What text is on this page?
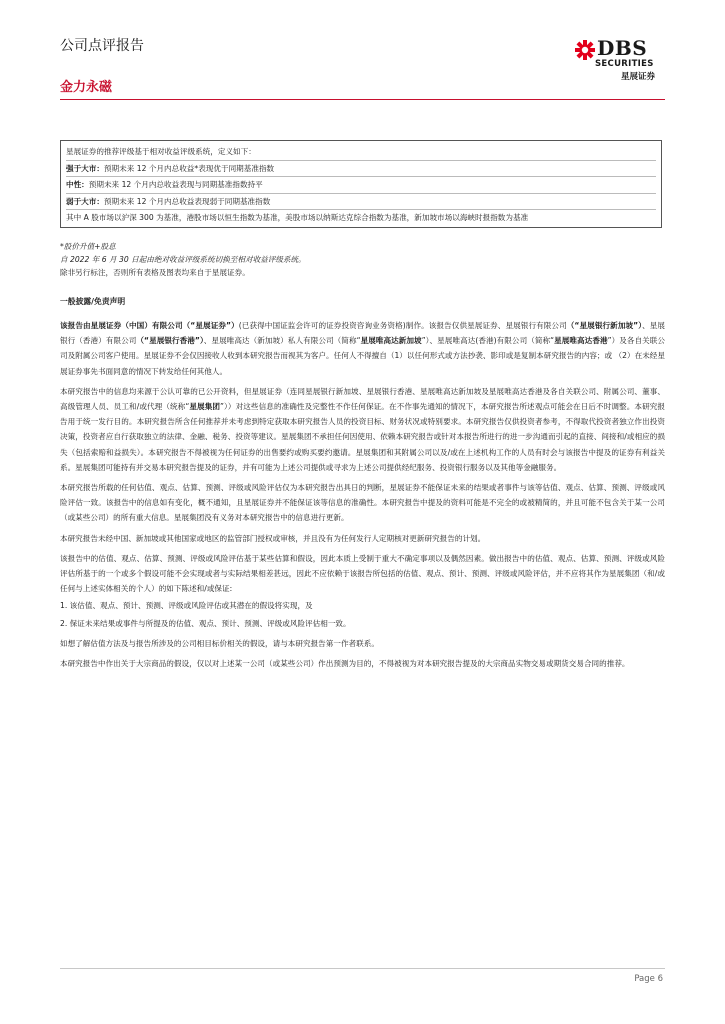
公司点评报告
金力永磁
DBS
SECURITIES
星展证券
星展证券的推荐评级基于相对收益评级系统，定义如下：
强于大市：预期未来 12 个月内总收益*表现优于同期基准指数
中性：预期未来 12 个月内总收益表现与同期基准指数持平
弱于大市：预期未来 12 个月内总收益表现弱于同期基准指数
其中 A 股市场以沪深 300 为基准，港股市场以恒生指数为基准，美股市场以纳斯达克综合指数为基准，新加坡市场以海峡时报指数为基准
*股价升值+股息
自 2022 年 6 月 30 日起由绝对收益评级系统切换至相对收益评级系统。
除非另行标注，否则所有表格及图表均来自于星展证券。
一般披露/免责声明

该报告由星展证券（中国）有限公司（“星展证券”）(已获得中国证监会许可的证券投资咨询业务资格)制作。该报告仅供星展证券、星展银行有限公司（“星展银行新加坡”）、星展银行（香港）有限公司（“星展银行香港”）、星展唯高达（新加坡）私人有限公司（简称“星展唯高达新加坡”）、星展唯高达(香港)有限公司（简称“星展唯高达香港”）及各自关联公司及附属公司客户使用。星展证券不会仅因接收人收到本研究报告而视其为客户。任何人不得擅自（1）以任何形式或方法抄袭、影印或是复制本研究报告的内容；或 （2）在未经星展证券事先书面同意的情况下转发给任何其他人。

本研究报告中的信息均来源于公认可靠的已公开资料，但星展证券（连同星展银行新加坡、星展银行香港、星展唯高达新加坡及星展唯高达香港及各自关联公司、附属公司、董事、高级管理人员、员工和/或代理（统称“星展集团”））对这些信息的准确性及完整性不作任何保证。在不作事先通知的情况下，本研究报告所述观点可能会在日后不时调整。本研究报告用于统一发行目的。本研究报告所含任何推荐并未考虑到特定获取本研究报告人员的投资目标、财务状况或特别要求。本研究报告仅供投资者参考，不得取代投资者独立作出投资决策，投资者应自行获取独立的法律、金融、税务、投资等建议。星展集团不承担任何因使用、依赖本研究报告或针对本报告所进行的进一步沟通而引起的直接、间接和/或相应的损失（包括索赔和益损失）。本研究报告不得被视为任何证券的出售要约或购买要约邀请。星展集团和其附属公司以及/或在上述机构工作的人员有时会与该报告中提及的证券有利益关系。星展集团可能持有并交易本研究报告提及的证券，并有可能为上述公司提供或寻求为上述公司提供经纪服务、投资银行服务以及其他等金融服务。

本研究报告所载的任何估值、观点、估算、预测、评级或风险评估仅为本研究报告出具日的判断，星展证券不能保证未来的结果或者事件与该等估值、观点、估算、预测、评级或风险评估一致。该报告中的信息如有变化，概不通知，且星展证券并不能保证该等信息的准确性。本研究报告中提及的资料可能是不完全的或被精简的，并且可能不包含关于某一公司（或某些公司）的所有重大信息。星展集团没有义务对本研究报告中的信息进行更新。

本研究报告未经中国、新加坡或其他国家或地区的监管部门授权或审核，并且没有为任何发行人定期核对更新研究报告的计划。

该报告中的估值、观点、估算、预测、评级或风险评估基于某些估算和假设，因此本质上受制于重大不确定事项以及偶然因素。做出报告中的估值、观点、估算、预测、评级或风险评估所基于的一个或多个假设可能不会实现或者与实际结果相差甚远，因此不应依赖于该报告所包括的估值、观点、预计、预测、评级或风险评估，并不应将其作为星展集团（和/或任何与上述实体相关的个人）的如下陈述和/或保证:

1. 该估值、观点、预计、预测、评级或风险评估或其潜在的假设将实现，及
2. 保证未来结果或事件与所提及的估值、观点、预计、预测、评级或风险评估相一致。

如想了解估值方法及与报告所涉及的公司相目标价相关的假设，请与本研究报告第一作者联系。

本研究报告中作出关于大宗商品的假设，仅以对上述某一公司（或某些公司）作出预测为目的，不得被视为对本研究报告提及的大宗商品实物交易或期货交易合同的推荐。

Page 6
